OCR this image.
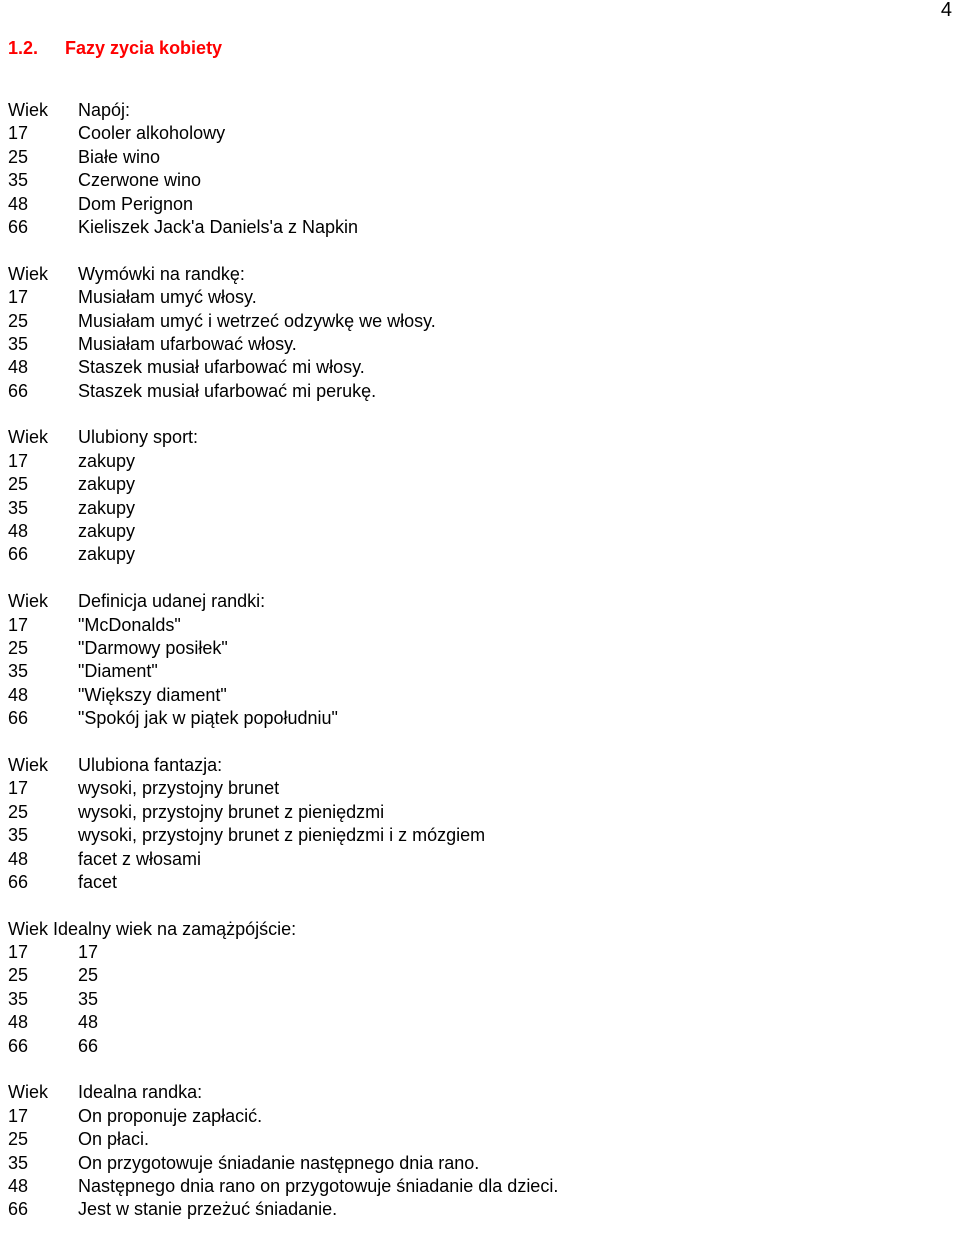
4
1.2. Fazy zycia kobiety
Wiek Napój:
17	Cooler alkoholowy
25	Białe wino
35	Czerwone wino
48	Dom Perignon
66	Kieliszek Jack'a Daniels'a z Napkin
Wiek Wymówki na randkę:
17	Musiałam umyć włosy.
25	Musiałam umyć i wetrzeć odzywkę we włosy.
35	Musiałam ufarbować włosy.
48	Staszek musiał ufarbować mi włosy.
66	Staszek musiał ufarbować mi perukę.
Wiek Ulubiony sport:
17	zakupy
25	zakupy
35	zakupy
48	zakupy
66	zakupy
Wiek Definicja udanej randki:
17	"McDonalds"
25	"Darmowy posiłek"
35	"Diament"
48	"Większy diament"
66	"Spokój jak w piątek popołudniu"
Wiek Ulubiona fantazja:
17	wysoki, przystojny brunet
25	wysoki, przystojny brunet z pieniędzmi
35	wysoki, przystojny brunet z pieniędzmi i z mózgiem
48	facet z włosami
66	facet
Wiek Idealny wiek na zamążpójście:
17	17
25	25
35	35
48	48
66	66
Wiek Idealna randka:
17	On proponuje zapłacić.
25	On płaci.
35	On przygotowuje śniadanie następnego dnia rano.
48	Następnego dnia rano on przygotowuje śniadanie dla dzieci.
66	Jest w stanie przeżuć śniadanie.
